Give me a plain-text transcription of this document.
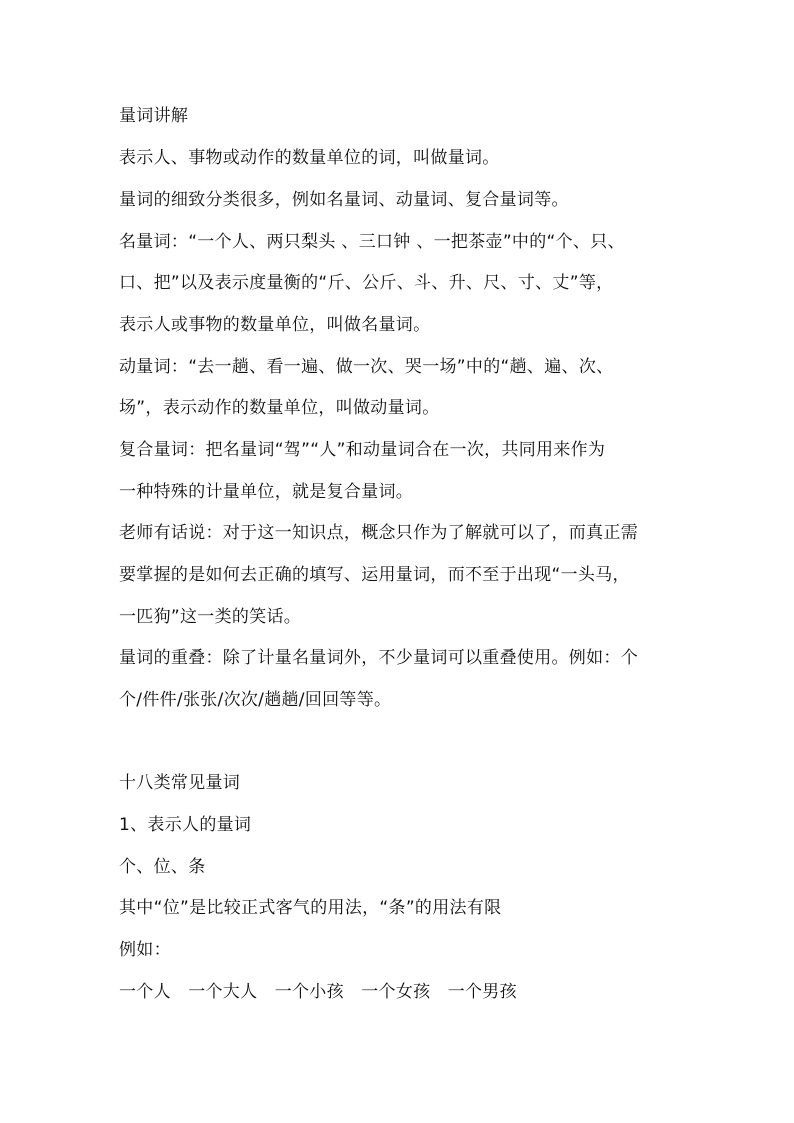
量词讲解
表示人、事物或动作的数量单位的词，叫做量词。
量词的细致分类很多，例如名量词、动量词、复合量词等。
名量词：“一个人、两只梨头 、三口钟 、一把茶壶”中的“个、只、
口、把”以及表示度量衡的“斤、公斤、斗、升、尺、寸、丈”等，
表示人或事物的数量单位，叫做名量词。
动量词：“去一趟、看一遍、做一次、哭一场”中的“趟、遍、次、
场”，表示动作的数量单位，叫做动量词。
复合量词：把名量词“驾”“人”和动量词合在一次，共同用来作为
一种特殊的计量单位，就是复合量词。
老师有话说：对于这一知识点，概念只作为了解就可以了，而真正需
要掌握的是如何去正确的填写、运用量词，而不至于出现“一头马，
一匹狗”这一类的笑话。
量词的重叠：除了计量名量词外，不少量词可以重叠使用。例如：个
个/件件/张张/次次/趟趟/回回等等。
十八类常见量词
1、表示人的量词
个、位、条
其中“位”是比较正式客气的用法，“条”的用法有限
例如：
一个人　一个大人　一个小孩　一个女孩　一个男孩
